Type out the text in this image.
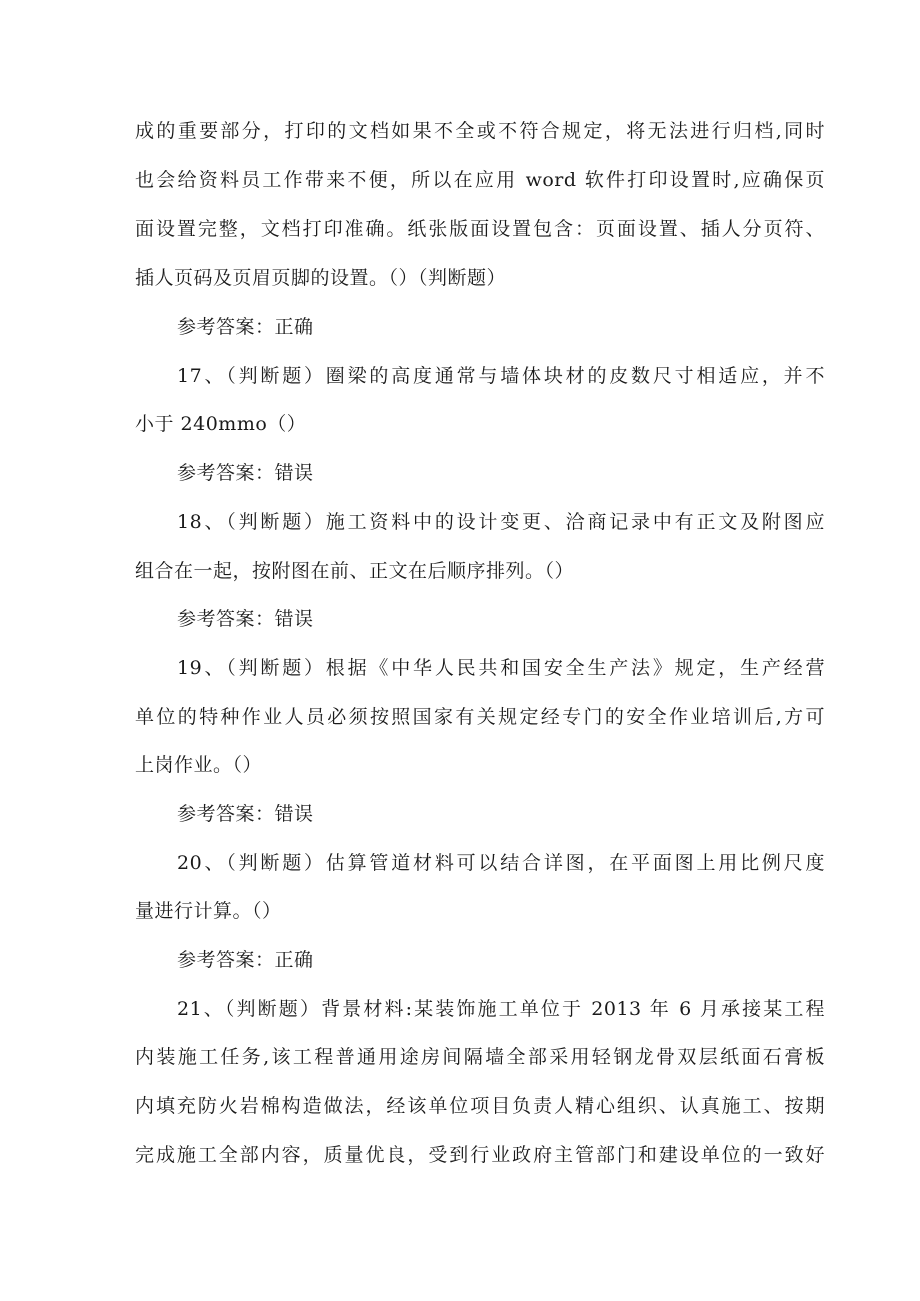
成的重要部分，打印的文档如果不全或不符合规定，将无法进行归档,同时
也会给资料员工作带来不便，所以在应用 word 软件打印设置时,应确保页
面设置完整，文档打印准确。纸张版面设置包含：页面设置、插人分页符、
插人页码及页眉页脚的设置。（）（判断题）
参考答案：正确
17、（判断题）圈梁的高度通常与墙体块材的皮数尺寸相适应，并不
小于 240mmo（）
参考答案：错误
18、（判断题）施工资料中的设计变更、洽商记录中有正文及附图应
组合在一起，按附图在前、正文在后顺序排列。（）
参考答案：错误
19、（判断题）根据《中华人民共和国安全生产法》规定，生产经营
单位的特种作业人员必须按照国家有关规定经专门的安全作业培训后,方可
上岗作业。（）
参考答案：错误
20、（判断题）估算管道材料可以结合详图，在平面图上用比例尺度
量进行计算。（）
参考答案：正确
21、（判断题）背景材料:某装饰施工单位于 2013 年 6 月承接某工程
内装施工任务,该工程普通用途房间隔墙全部采用轻钢龙骨双层纸面石膏板
内填充防火岩棉构造做法，经该单位项目负责人精心组织、认真施工、按期
完成施工全部内容，质量优良，受到行业政府主管部门和建设单位的一致好
